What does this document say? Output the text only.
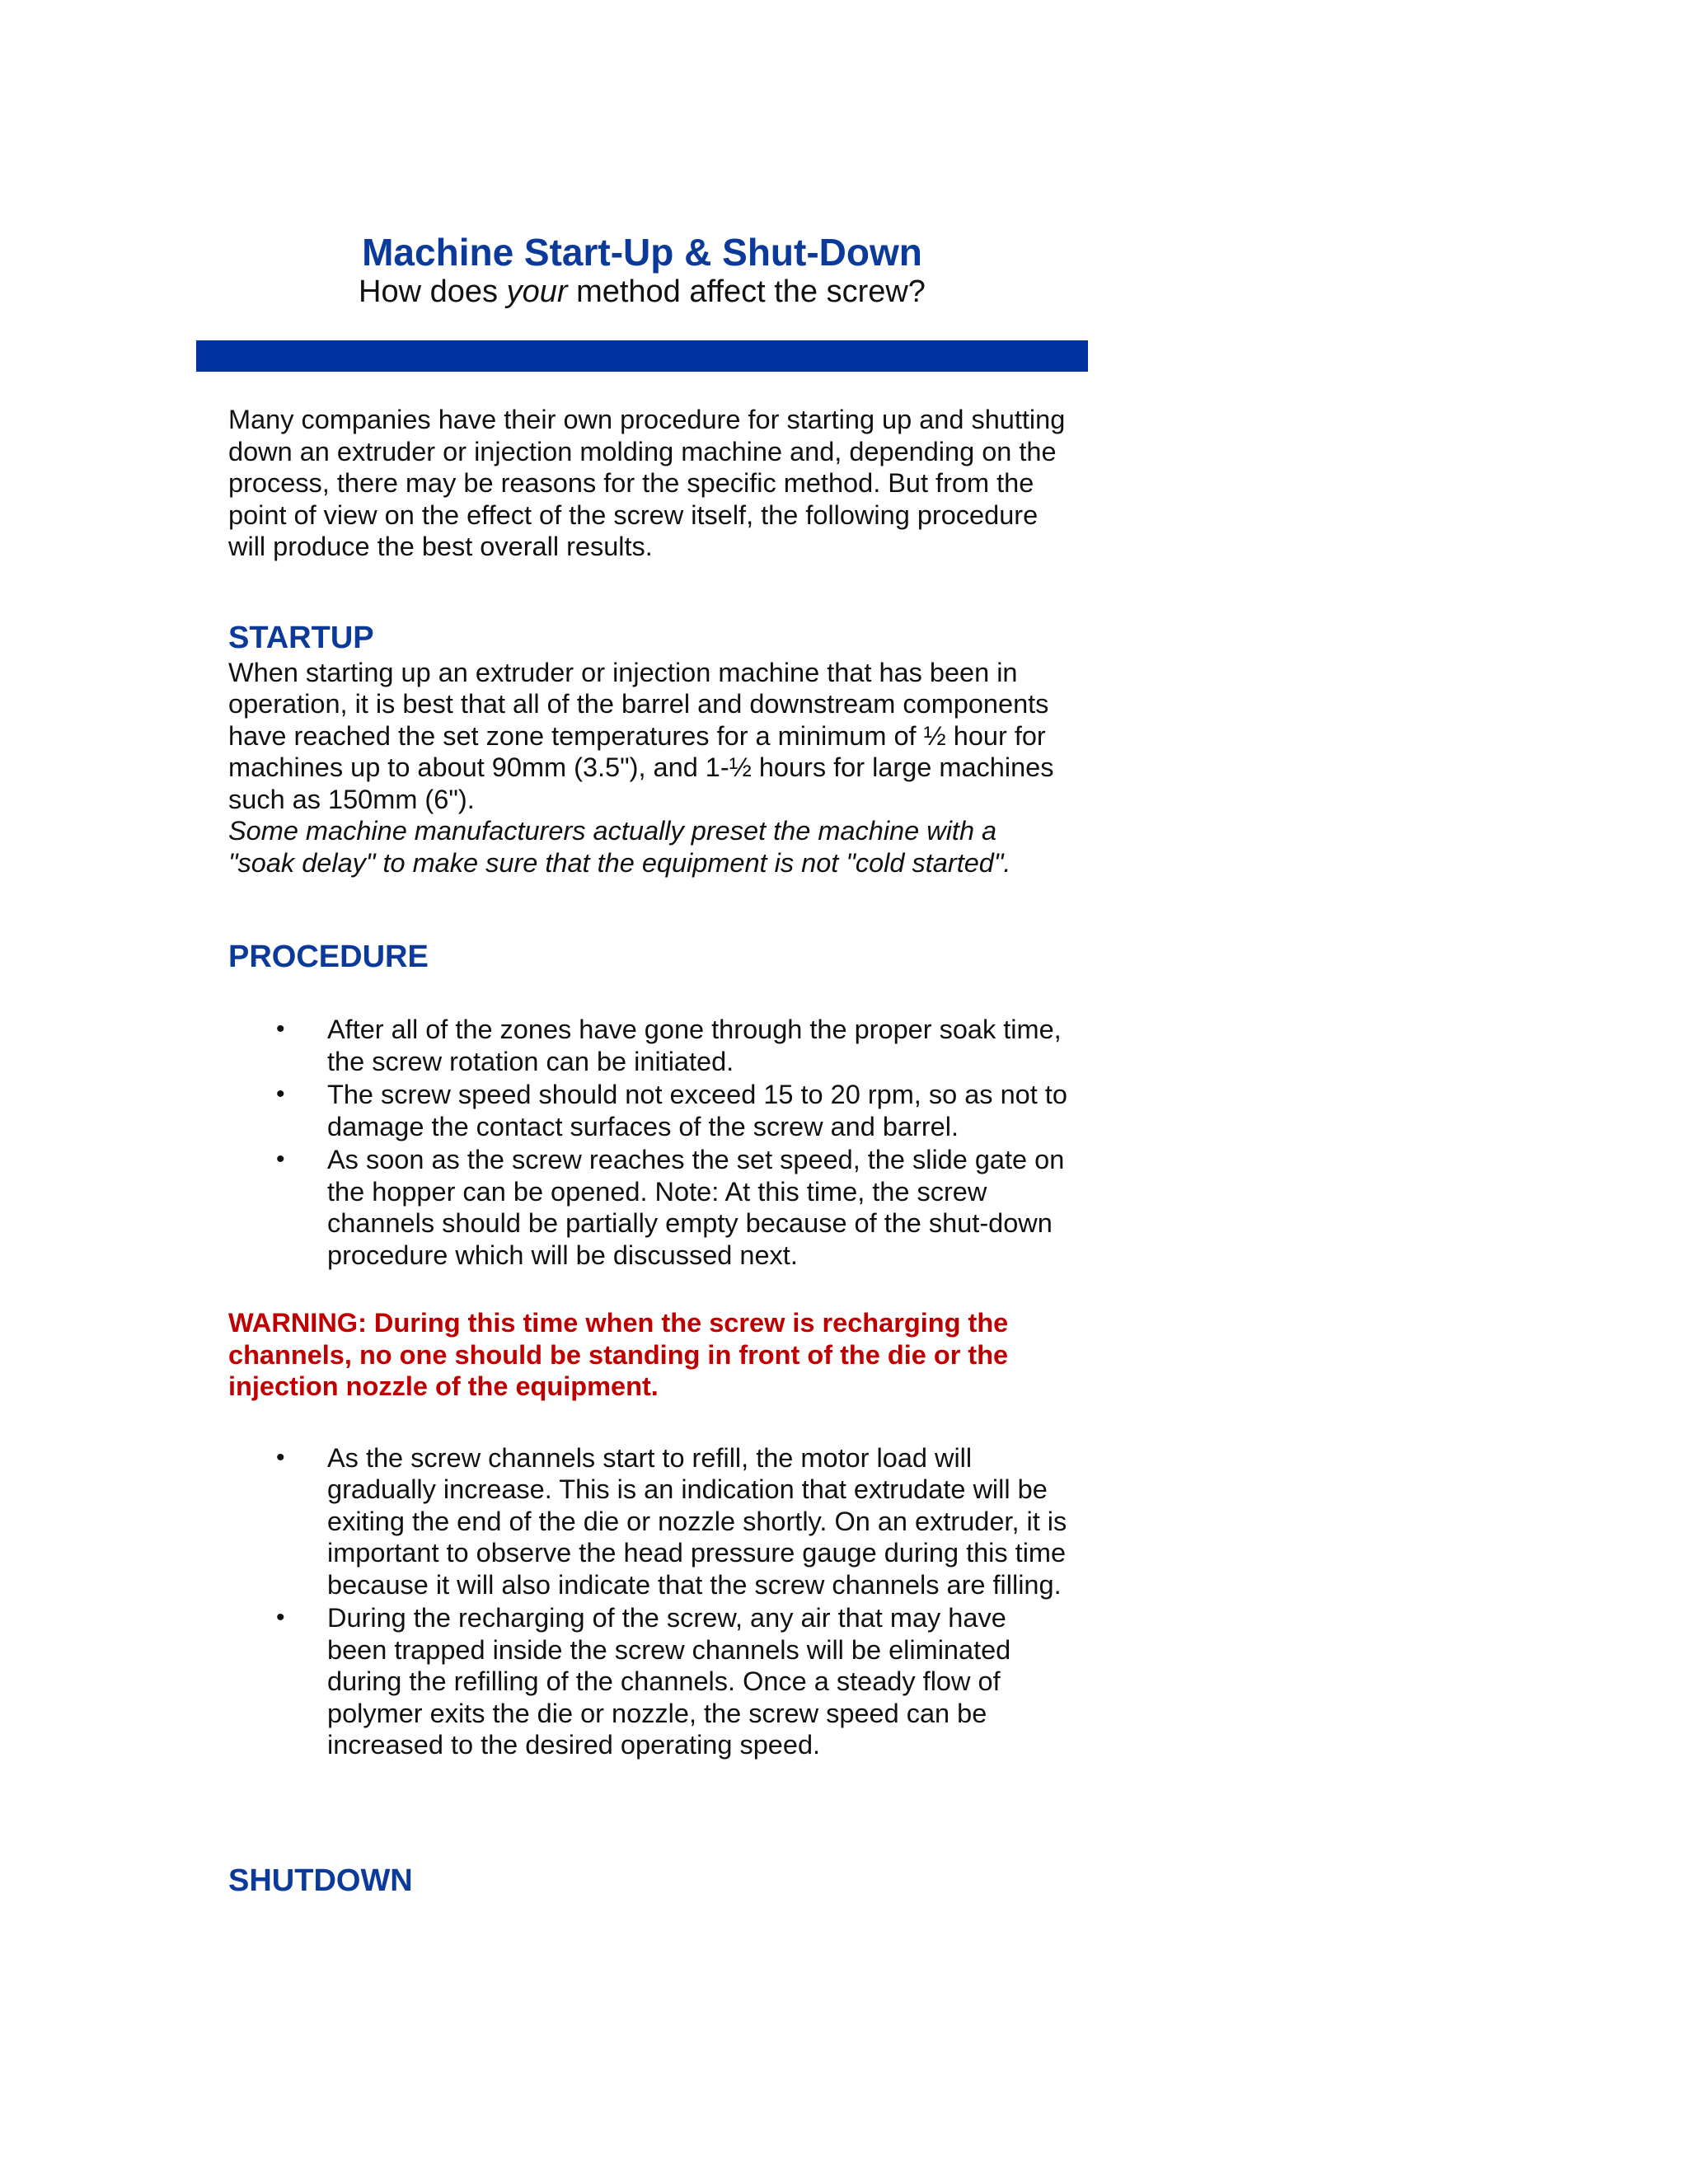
Machine Start-Up & Shut-Down
How does your method affect the screw?

Many companies have their own procedure for starting up and shutting down an extruder or injection molding machine and, depending on the process, there may be reasons for the specific method. But from the point of view on the effect of the screw itself, the following procedure will produce the best overall results.

STARTUP

When starting up an extruder or injection machine that has been in operation, it is best that all of the barrel and downstream components have reached the set zone temperatures for a minimum of ½ hour for machines up to about 90mm (3.5"), and 1-½ hours for large machines such as 150mm (6").

Some machine manufacturers actually preset the machine with a "soak delay" to make sure that the equipment is not "cold started".

PROCEDURE
• After all of the zones have gone through the proper soak time, the screw rotation can be initiated.
• The screw speed should not exceed 15 to 20 rpm, so as not to damage the contact surfaces of the screw and barrel.
• As soon as the screw reaches the set speed, the slide gate on the hopper can be opened. Note: At this time, the screw channels should be partially empty because of the shut-down procedure which will be discussed next.

WARNING: During this time when the screw is recharging the channels, no one should be standing in front of the die or the injection nozzle of the equipment.

• As the screw channels start to refill, the motor load will gradually increase. This is an indication that extrudate will be exiting the end of the die or nozzle shortly. On an extruder, it is important to observe the head pressure gauge during this time because it will also indicate that the screw channels are filling.
• During the recharging of the screw, any air that may have been trapped inside the screw channels will be eliminated during the refilling of the channels. Once a steady flow of polymer exits the die or nozzle, the screw speed can be increased to the desired operating speed.
SHUTDOWN
